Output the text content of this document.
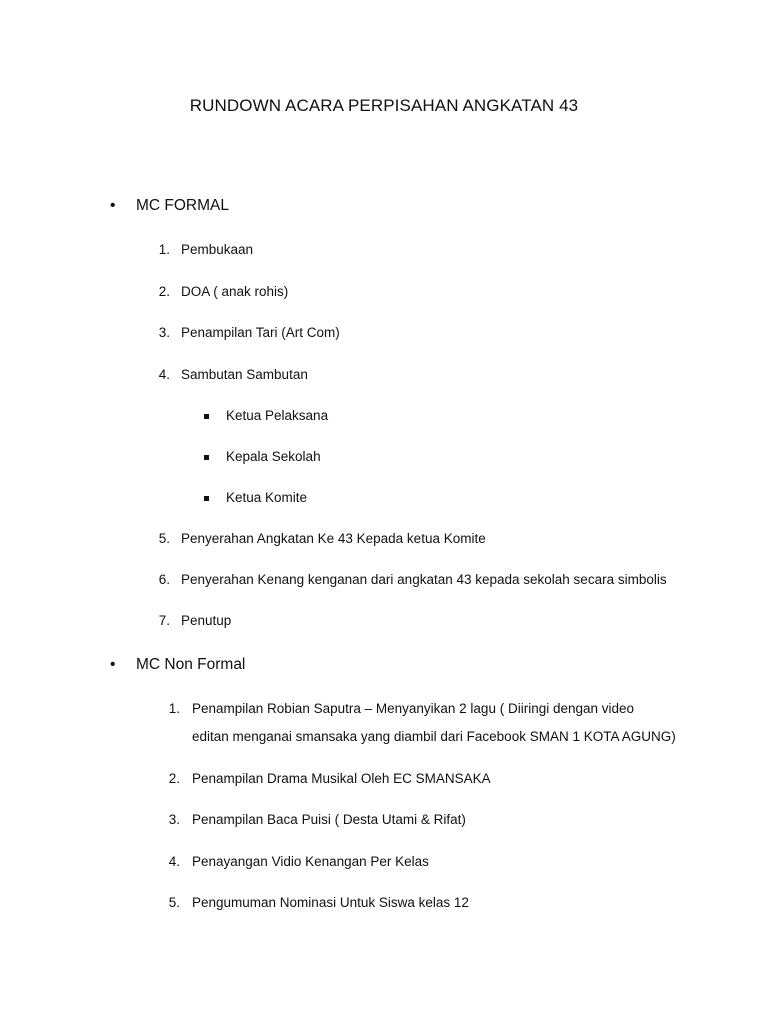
RUNDOWN ACARA PERPISAHAN ANGKATAN 43
• MC FORMAL
1. Pembukaan
2. DOA ( anak rohis)
3. Penampilan Tari (Art Com)
4. Sambutan Sambutan
Ketua Pelaksana
Kepala Sekolah
Ketua Komite
5. Penyerahan Angkatan Ke 43 Kepada ketua Komite
6. Penyerahan Kenang kenganan dari angkatan 43 kepada sekolah secara simbolis
7. Penutup
• MC Non Formal
1. Penampilan Robian Saputra – Menyanyikan 2 lagu ( Diiringi dengan video
editan menganai smansaka yang diambil dari Facebook SMAN 1 KOTA AGUNG)
2. Penampilan Drama Musikal Oleh EC SMANSAKA
3. Penampilan Baca Puisi ( Desta Utami & Rifat)
4. Penayangan Vidio Kenangan Per Kelas
5. Pengumuman Nominasi Untuk Siswa kelas 12
